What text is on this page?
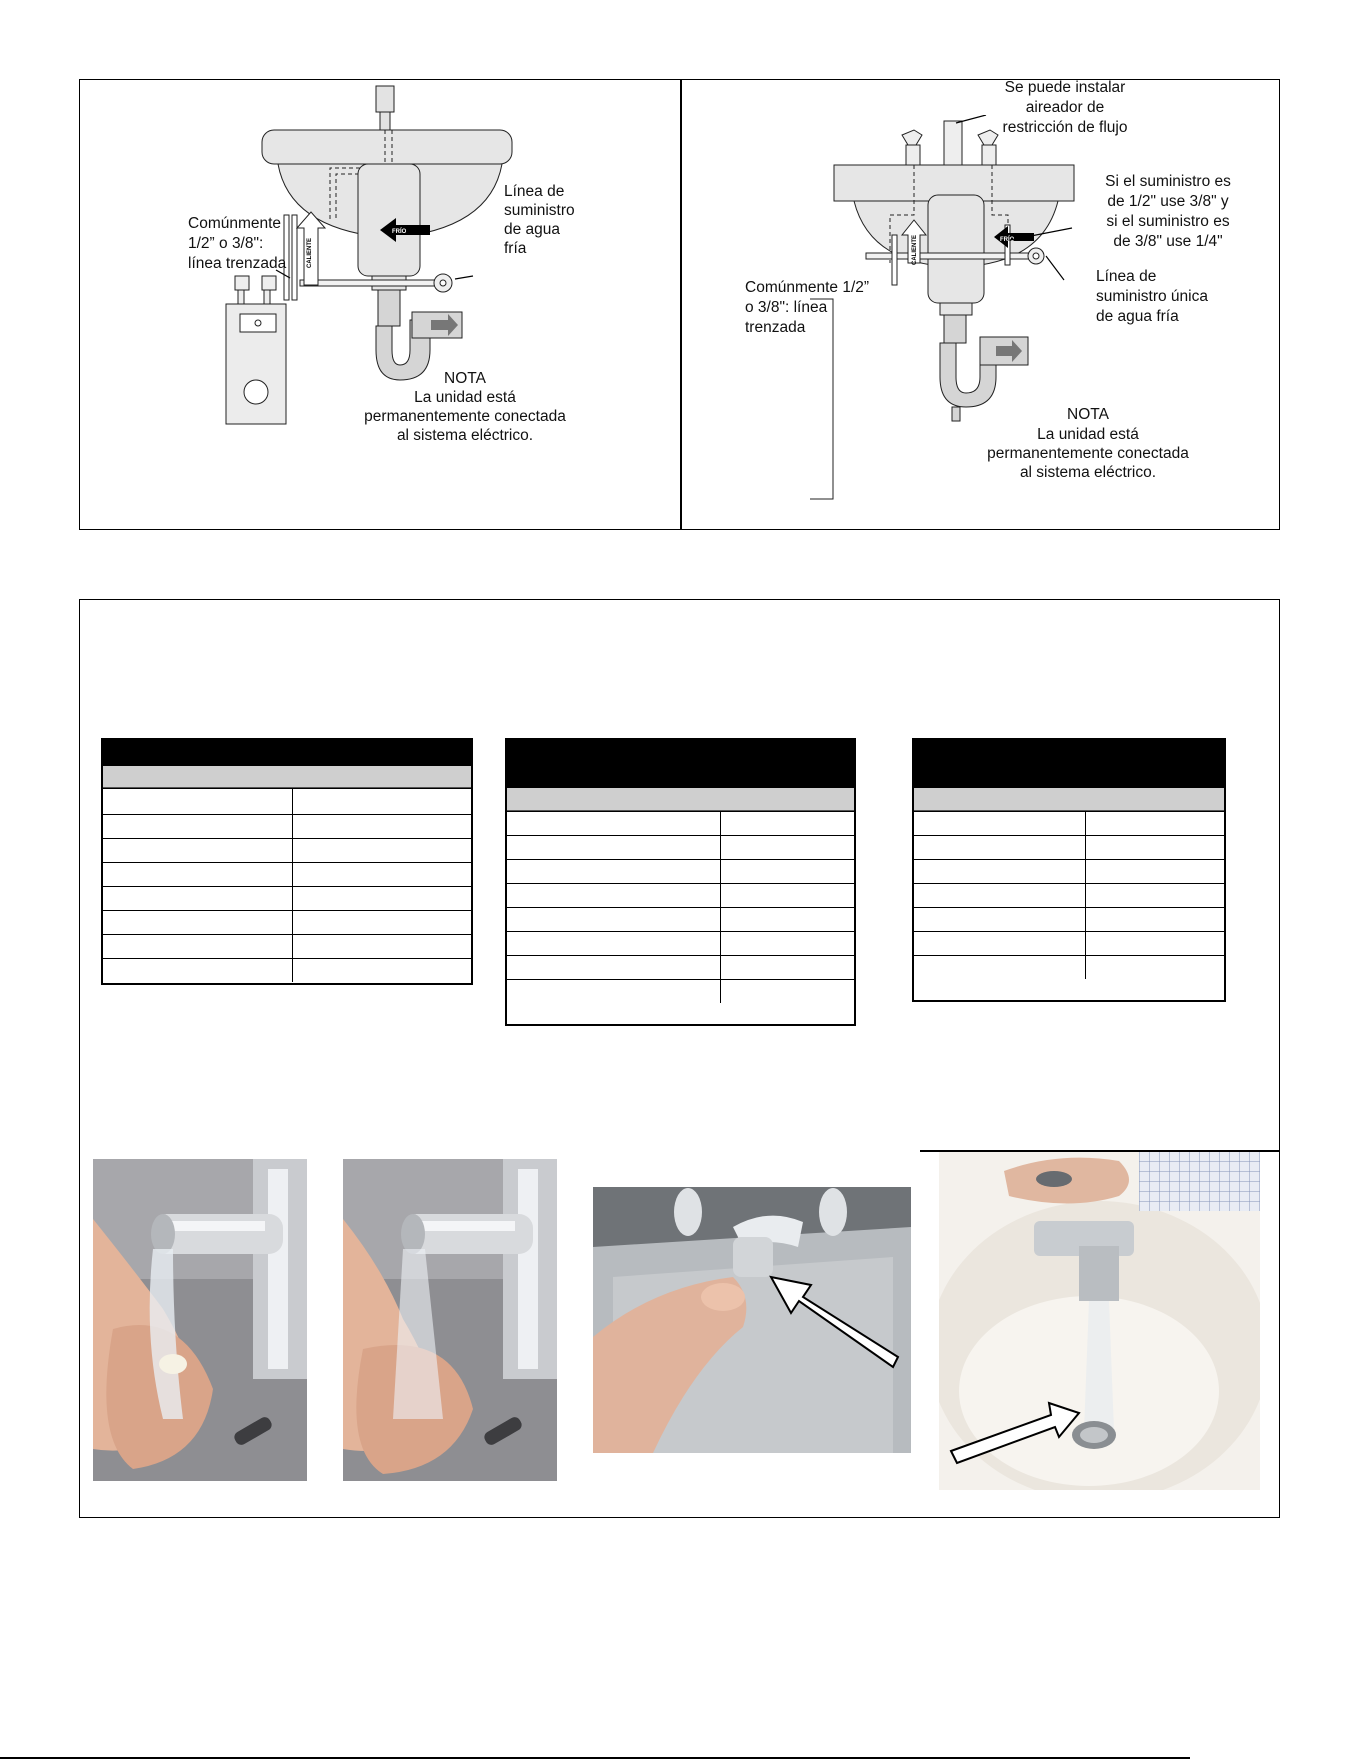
FRÍO
CALIENTE
Comúnmente
1/2” o 3/8":
línea trenzada
Línea de
suministro
de agua
fría
NOTA
La unidad está
permanentemente conectada
al sistema eléctrico.
FRÍO
CALIENTE
Se puede instalar
aireador de
restricción de flujo
Si el suministro es
de 1/2" use 3/8" y
si el suministro es
de 3/8" use 1/4"
Línea de
suministro única
de agua fría
Comúnmente 1/2”
o 3/8": línea
trenzada
NOTA
La unidad está
permanentemente conectada
al sistema eléctrico.
